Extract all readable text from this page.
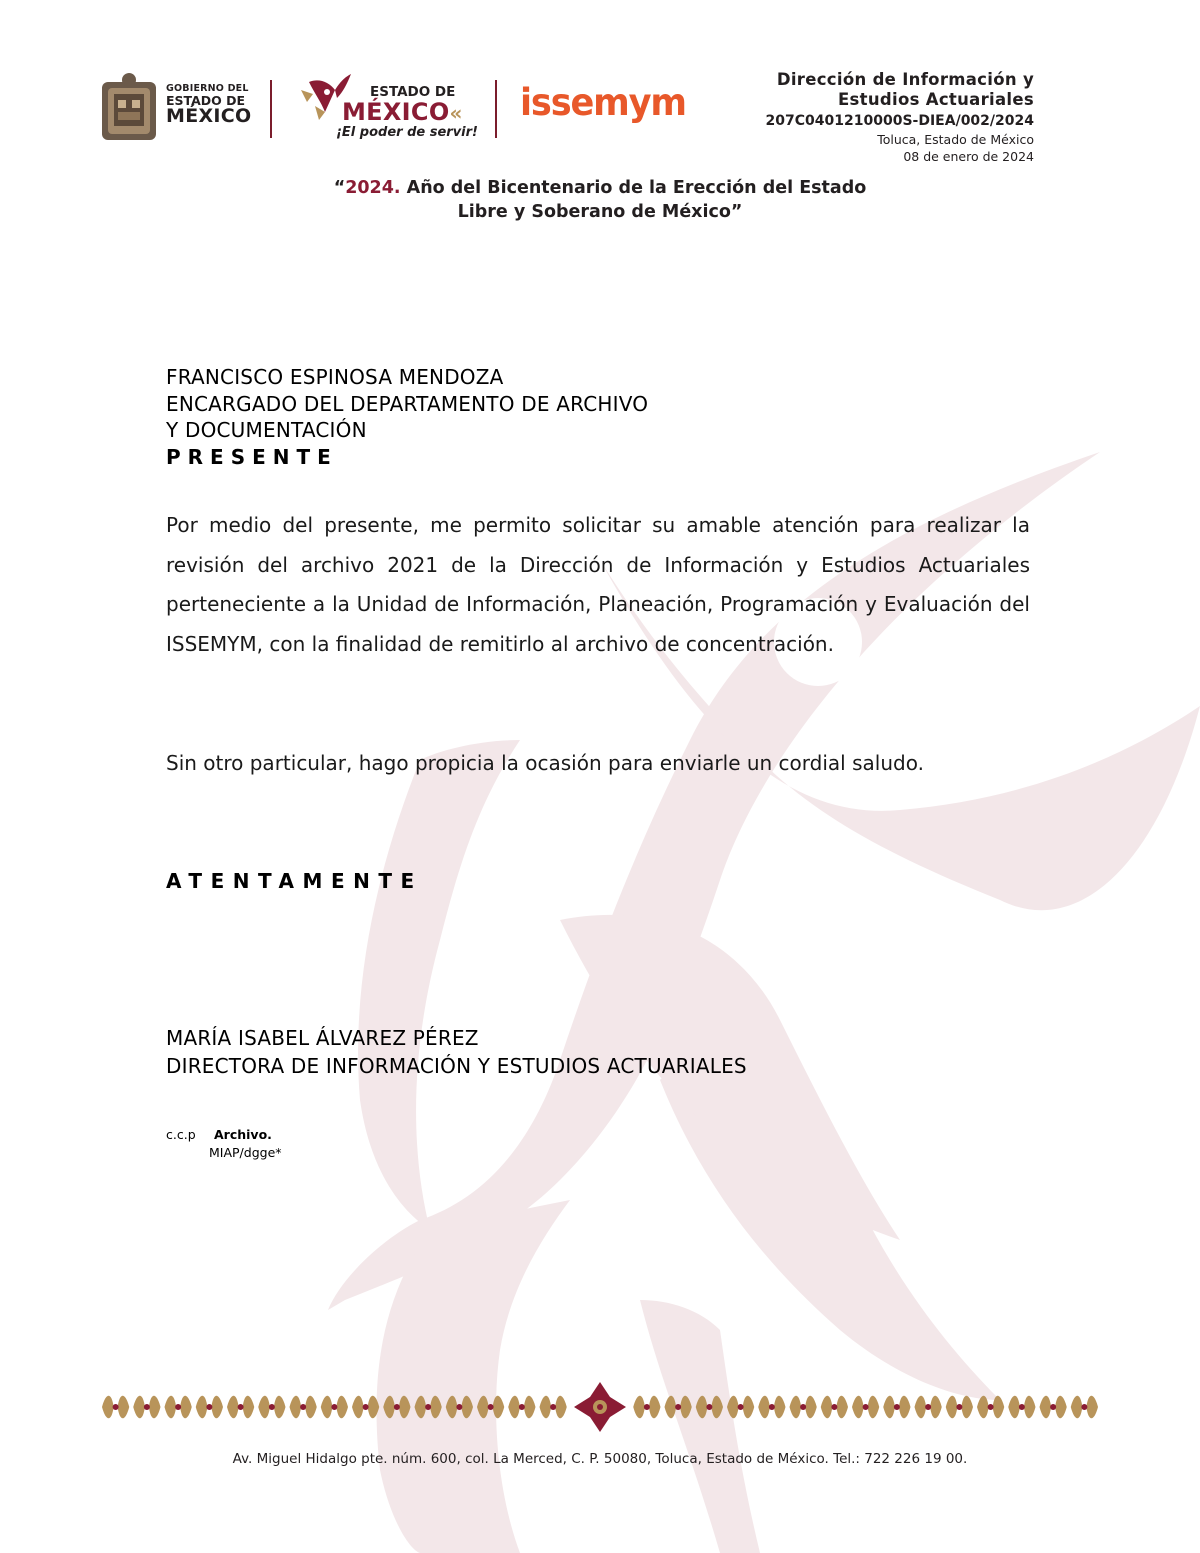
GOBIERNO DEL
ESTADO DE
MÉXICO
ESTADO DE
MÉXICO«
¡El poder de servir!
issemym
Dirección de Información y
Estudios Actuariales
207C0401210000S-DIEA/002/2024
Toluca, Estado de México
08 de enero de 2024
“2024. Año del Bicentenario de la Erección del Estado
Libre y Soberano de México”
FRANCISCO ESPINOSA MENDOZA
ENCARGADO DEL DEPARTAMENTO DE ARCHIVO
Y DOCUMENTACIÓN
PRESENTE
Por medio del presente, me permito solicitar su amable atención para realizar la revisión del archivo 2021 de la Dirección de Información y Estudios Actuariales perteneciente a la Unidad de Información, Planeación, Programación y Evaluación del ISSEMYM, con la finalidad de remitirlo al archivo de concentración.
Sin otro particular, hago propicia la ocasión para enviarle un cordial saludo.
ATENTAMENTE
MARÍA ISABEL ÁLVAREZ PÉREZ
DIRECTORA DE INFORMACIÓN Y ESTUDIOS ACTUARIALES
c.c.p Archivo.
MIAP/dgge*
Av. Miguel Hidalgo pte. núm. 600, col. La Merced, C. P. 50080, Toluca, Estado de México. Tel.: 722 226 19 00.
